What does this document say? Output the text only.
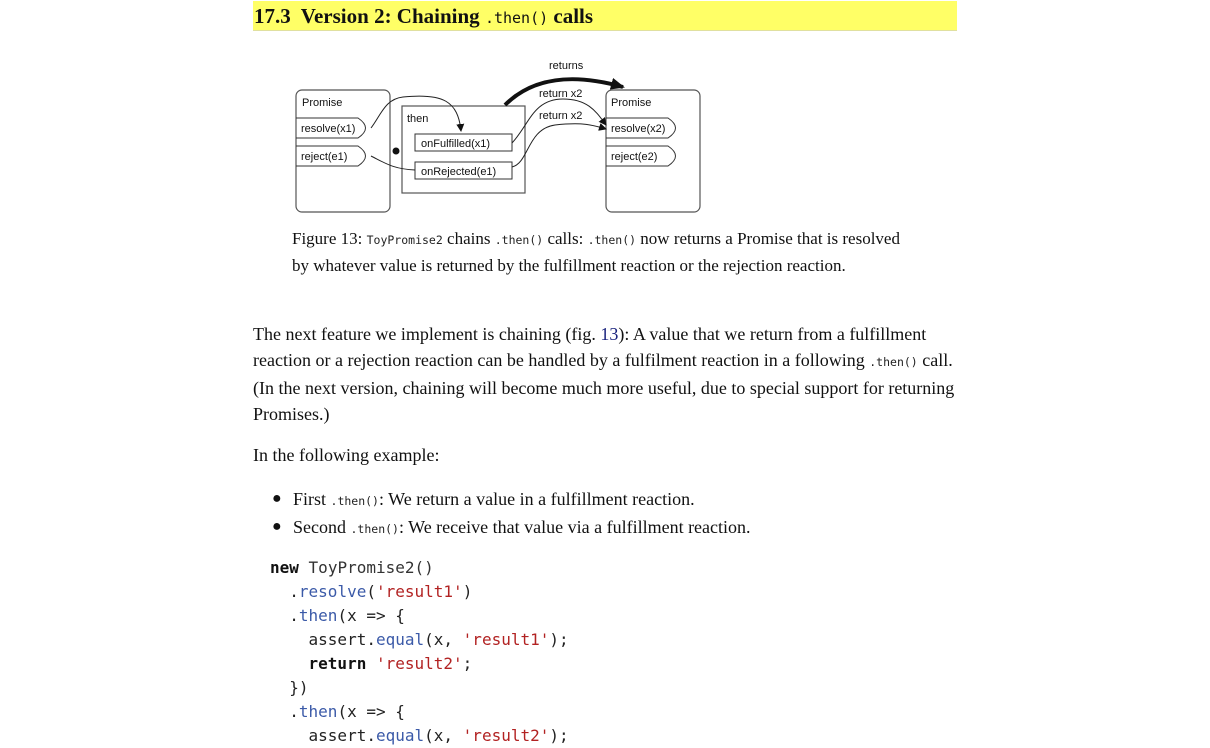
17.3 Version 2: Chaining .then() calls
Promise
resolve(x1)
reject(e1)
then
onFulfilled(x1)
onRejected(e1)
Promise
resolve(x2)
reject(e2)
returns
return x2
return x2
Figure 13: ToyPromise2 chains .then() calls: .then() now returns a Promise that is resolved by whatever value is returned by the fulfillment reaction or the rejection reaction.
The next feature we implement is chaining (fig. 13): A value that we return from a fulfillment reaction or a rejection reaction can be handled by a fulfilment reaction in a following .then() call. (In the next version, chaining will become much more useful, due to special support for returning Promises.)
In the following example:
● First .then(): We return a value in a fulfillment reaction.
● Second .then(): We receive that value via a fulfillment reaction.
new ToyPromise2()
.resolve('result1')
.then(x => {
assert.equal(x, 'result1');
return 'result2';
})
.then(x => {
assert.equal(x, 'result2');
